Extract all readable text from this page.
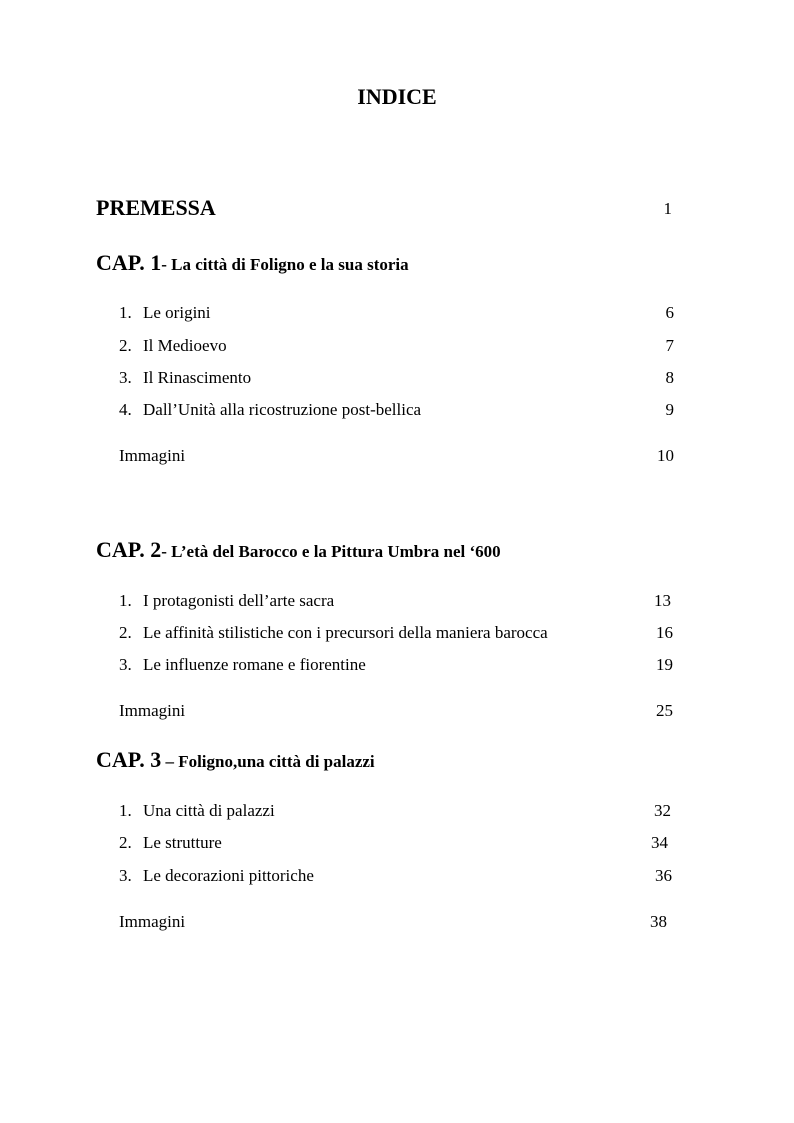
INDICE
PREMESSA	1
CAP. 1- La città di Foligno e la sua storia
1. Le origini	6
2. Il Medioevo	7
3. Il Rinascimento	8
4. Dall’Unità alla ricostruzione post-bellica	9
Immagini	10
CAP. 2- L’età del Barocco e la Pittura Umbra nel ‘600
1. I protagonisti dell’arte sacra	13
2. Le affinità stilistiche con i precursori della maniera barocca	16
3. Le influenze romane e fiorentine	19
Immagini	25
CAP. 3 – Foligno,una città di palazzi
1. Una città di palazzi	32
2. Le strutture	34
3. Le decorazioni pittoriche	36
Immagini	38
